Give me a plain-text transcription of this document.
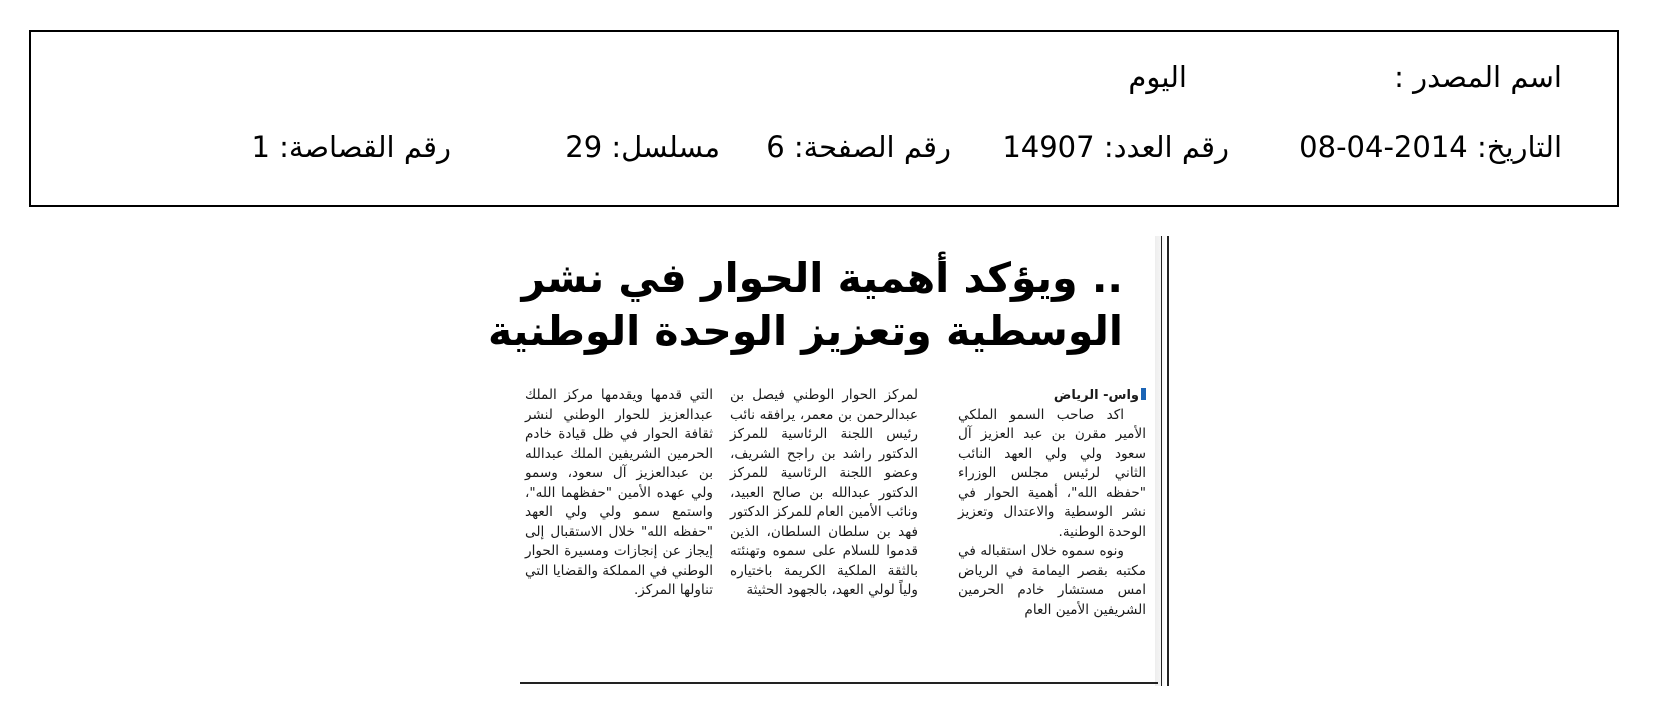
اسم المصدر :
اليوم
التاريخ: 2014-04-08
رقم العدد: 14907
رقم الصفحة: 6
مسلسل: 29
رقم القصاصة: 1
.. ويؤكد أهمية الحوار في نشر
الوسطية وتعزيز الوحدة الوطنية
واس- الرياض
اكد صاحب السمو الملكي الأمير مقرن بن عبد العزيز آل سعود ولي ولي العهد النائب الثاني لرئيس مجلس الوزراء "حفظه الله"، أهمية الحوار في نشر الوسطية والاعتدال وتعزيز الوحدة الوطنية.
ونوه سموه خلال استقباله في مكتبه بقصر اليمامة في الرياض امس مستشار خادم الحرمين الشريفين الأمين العام
لمركز الحوار الوطني فيصل بن عبدالرحمن بن معمر، يرافقه نائب رئيس اللجنة الرئاسية للمركز الدكتور راشد بن راجح الشريف، وعضو اللجنة الرئاسية للمركز الدكتور عبدالله بن صالح العبيد، ونائب الأمين العام للمركز الدكتور فهد بن سلطان السلطان، الذين قدموا للسلام على سموه وتهنئته بالثقة الملكية الكريمة باختياره ولياً لولي العهد، بالجهود الحثيثة
التي قدمها ويقدمها مركز الملك عبدالعزيز للحوار الوطني لنشر ثقافة الحوار في ظل قيادة خادم الحرمين الشريفين الملك عبدالله بن عبدالعزيز آل سعود، وسمو ولي عهده الأمين "حفظهما الله"، واستمع سمو ولي ولي العهد "حفظه الله" خلال الاستقبال إلى إيجاز عن إنجازات ومسيرة الحوار الوطني في المملكة والقضايا التي تناولها المركز.
